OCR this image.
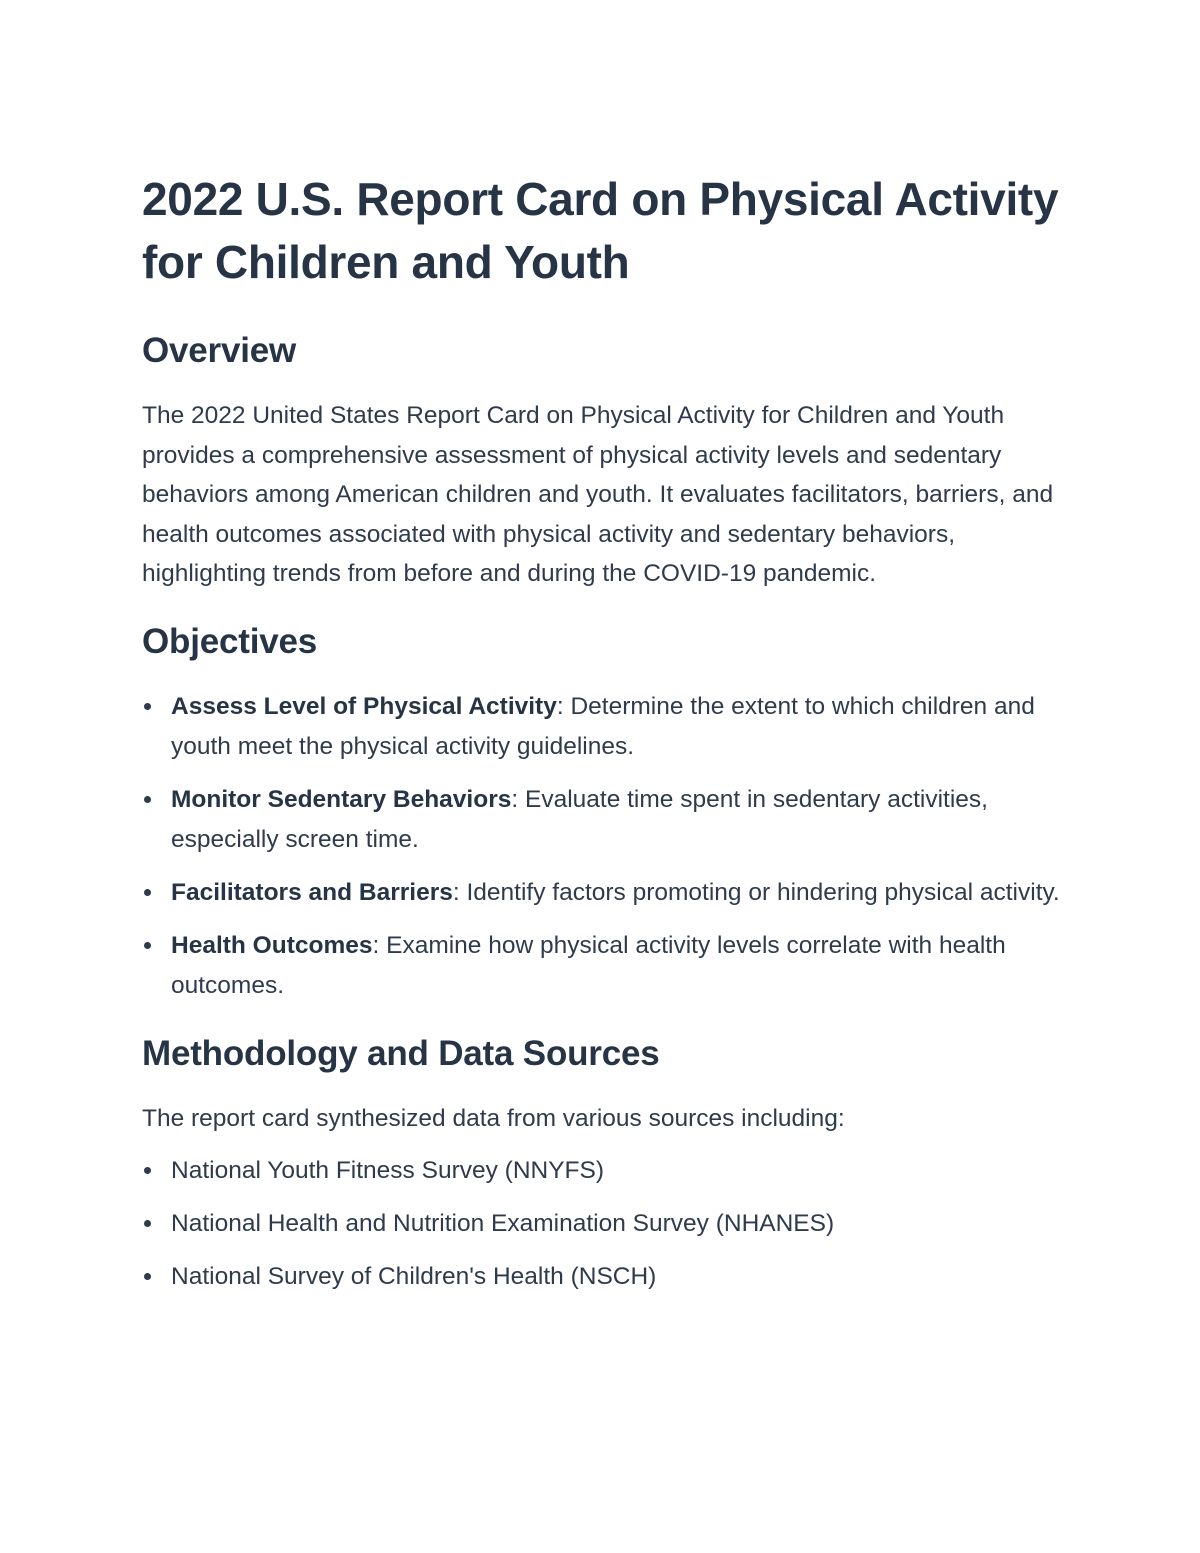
2022 U.S. Report Card on Physical Activity for Children and Youth
Overview

The 2022 United States Report Card on Physical Activity for Children and Youth provides a comprehensive assessment of physical activity levels and sedentary behaviors among American children and youth. It evaluates facilitators, barriers, and health outcomes associated with physical activity and sedentary behaviors, highlighting trends from before and during the COVID-19 pandemic.

Objectives
Assess Level of Physical Activity: Determine the extent to which children and youth meet the physical activity guidelines.
Monitor Sedentary Behaviors: Evaluate time spent in sedentary activities, especially screen time.
Facilitators and Barriers: Identify factors promoting or hindering physical activity.
Health Outcomes: Examine how physical activity levels correlate with health outcomes.
Methodology and Data Sources

The report card synthesized data from various sources including:

National Youth Fitness Survey (NNYFS)
National Health and Nutrition Examination Survey (NHANES)
National Survey of Children's Health (NSCH)
